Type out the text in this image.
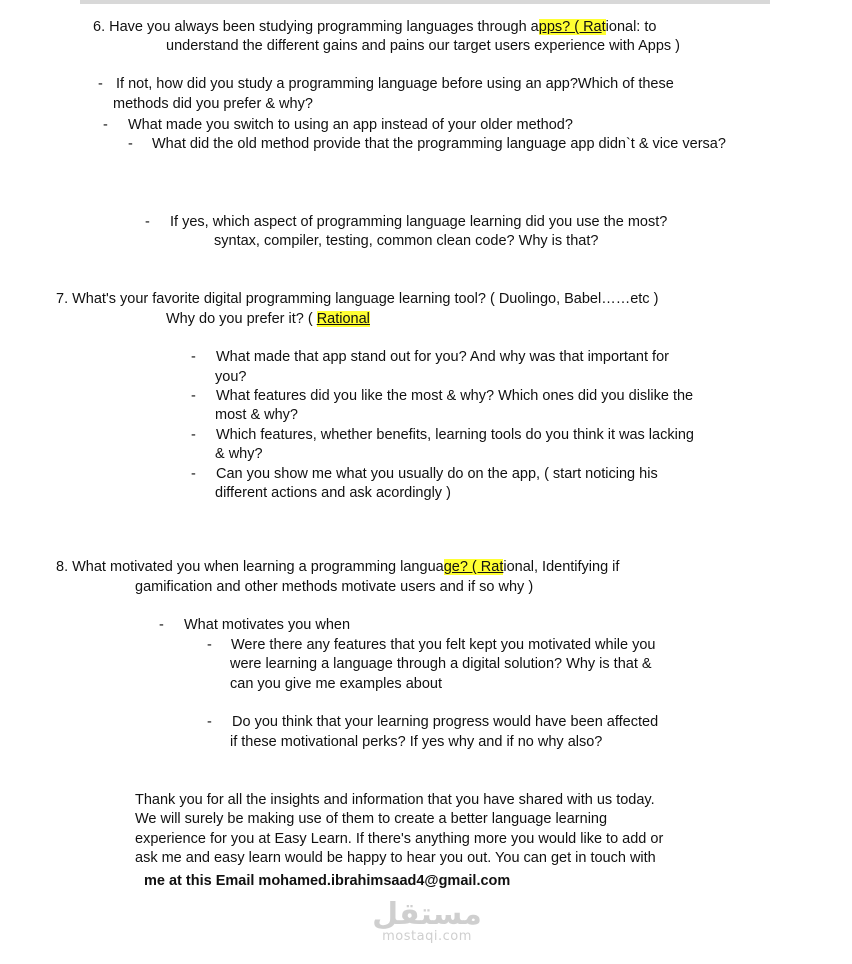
6. Have you always been studying programming languages through apps? ( Rational: to
understand the different gains and pains our target users experience with Apps )
- If not, how did you study a programming language before using an app?Which of these
methods did you prefer & why?
- What made you switch to using an app instead of your older method?
- What did the old method provide that the programming language app didn`t & vice versa?
- If yes, which aspect of programming language learning did you use the most?
syntax, compiler, testing, common clean code? Why is that?
7. What's your favorite digital programming language learning tool? ( Duolingo, Babel……etc )
Why do you prefer it? ( Rational
- What made that app stand out for you? And why was that important for
you?
- What features did you like the most & why? Which ones did you dislike the
most & why?
- Which features, whether benefits, learning tools do you think it was lacking
& why?
- Can you show me what you usually do on the app, ( start noticing his
different actions and ask acordingly )
8. What motivated you when learning a programming language? ( Rational, Identifying if
gamification and other methods motivate users and if so why )
- What motivates you when
- Were there any features that you felt kept you motivated while you
were learning a language through a digital solution? Why is that &
can you give me examples about
- Do you think that your learning progress would have been affected
if these motivational perks? If yes why and if no why also?
Thank you for all the insights and information that you have shared with us today.
We will surely be making use of them to create a better language learning
experience for you at Easy Learn. If there's anything more you would like to add or
ask me and easy learn would be happy to hear you out. You can get in touch with
me at this Email mohamed.ibrahimsaad4@gmail.com
مستقل
mostaqi.com
